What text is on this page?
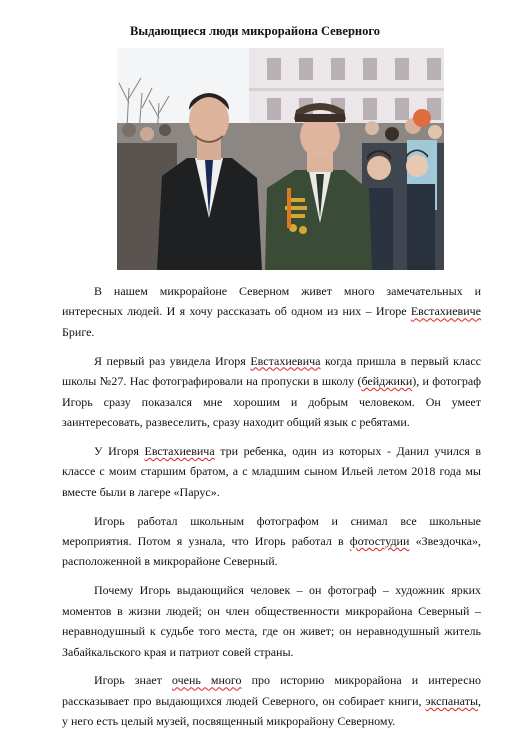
Выдающиеся люди микрорайона Северного

В нашем микрорайоне Северном живет много замечательных и интересных людей. И я хочу рассказать об одном из них – Игоре Евстахиевиче Бриге.

Я первый раз увидела Игоря Евстахиевича когда пришла в первый класс школы №27. Нас фотографировали на пропуски в школу (бейджики), и фотограф Игорь сразу показался мне хорошим и добрым человеком. Он умеет заинтересовать, развеселить, сразу находит общий язык с ребятами.

У Игоря Евстахиевича три ребенка, один из которых - Данил учился в классе с моим старшим братом, а с младшим сыном Ильей летом 2018 года мы вместе были в лагере «Парус».

Игорь работал школьным фотографом и снимал все школьные мероприятия. Потом я узнала, что Игорь работал в фотостудии «Звездочка», расположенной в микрорайоне Северный.

Почему Игорь выдающийся человек – он фотограф – художник ярких моментов в жизни людей; он член общественности микрорайона Северный – неравнодушный к судьбе того места, где он живет; он неравнодушный житель Забайкальского края и патриот совей страны.

Игорь знает очень много про историю микрорайона и интересно рассказывает про выдающихся людей Северного, он собирает книги, экспанаты, у него есть целый музей, посвященный микрорайону Северному.
